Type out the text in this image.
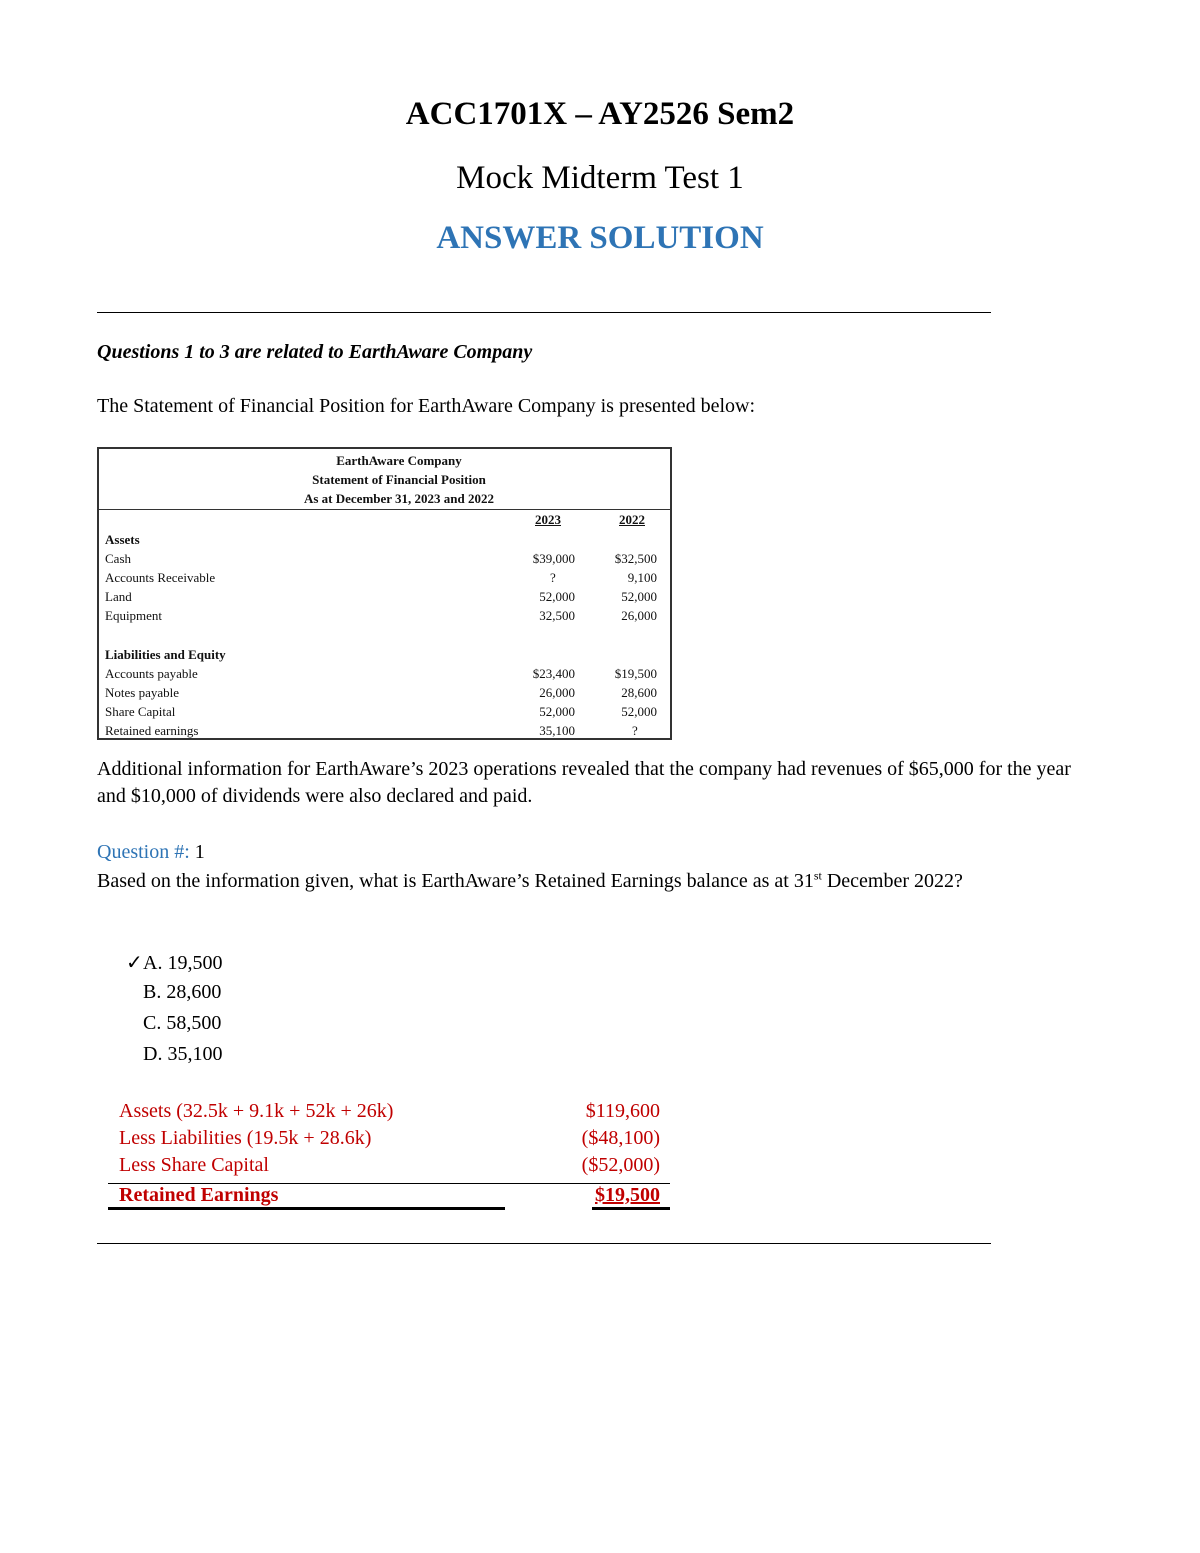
ACC1701X – AY2526 Sem2
Mock Midterm Test 1
ANSWER SOLUTION
Questions 1 to 3 are related to EarthAware Company
The Statement of Financial Position for EarthAware Company is presented below:
EarthAware Company
Statement of Financial Position
As at December 31, 2023 and 2022
2023	2022
Assets
Cash	$39,000	$32,500
Accounts Receivable	?	9,100
Land	52,000	52,000
Equipment	32,500	26,000
Liabilities and Equity
Accounts payable	$23,400	$19,500
Notes payable	26,000	28,600
Share Capital	52,000	52,000
Retained earnings	35,100	?
Additional information for EarthAware’s 2023 operations revealed that the company had revenues of $65,000 for the year and $10,000 of dividends were also declared and paid.
Question #: 1
Based on the information given, what is EarthAware’s Retained Earnings balance as at 31st December 2022?
✓A. 19,500
B. 28,600
C. 58,500
D. 35,100
Assets (32.5k + 9.1k + 52k + 26k)	$119,600
Less Liabilities (19.5k + 28.6k)	($48,100)
Less Share Capital	($52,000)
Retained Earnings	$19,500
